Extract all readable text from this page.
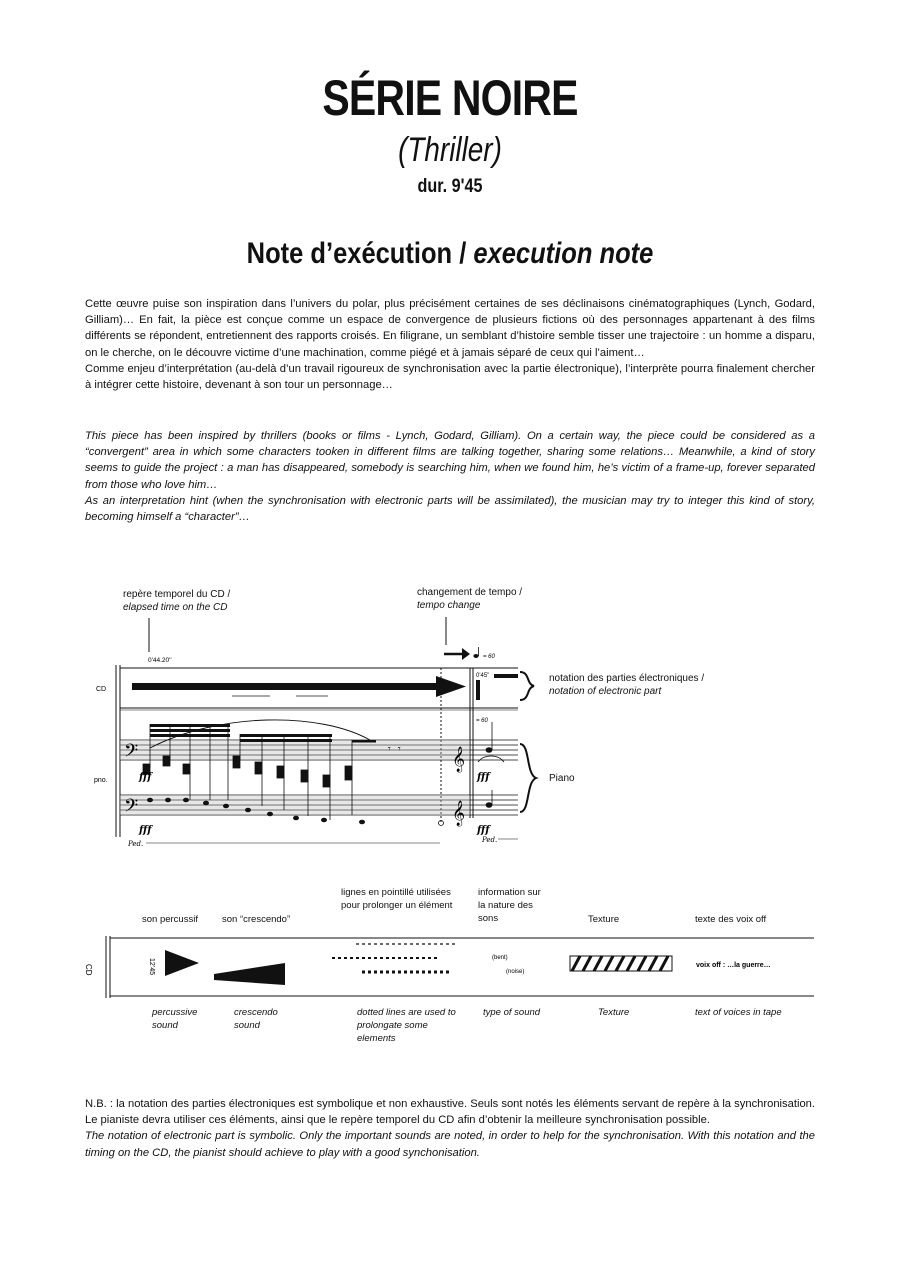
SÉRIE NOIRE
(Thriller)
dur. 9'45
Note d’exécution / execution note

Cette œuvre puise son inspiration dans l’univers du polar, plus précisément certaines de ses déclinaisons cinématographiques (Lynch, Godard, Gilliam)… En fait, la pièce est conçue comme un espace de convergence de plusieurs fictions où des personnages appartenant à des films différents se répondent, entretiennent des rapports croisés. En filigrane, un semblant d’histoire semble tisser une trajectoire : un homme a disparu, on le cherche, on le découvre victime d’une machination, comme piégé et à jamais séparé de ceux qui l’aiment…

Comme enjeu d’interprétation (au-delà d’un travail rigoureux de synchronisation avec la partie électronique), l’interprète pourra finalement chercher à intégrer cette histoire, devenant à son tour un personnage…

This piece has been inspired by thrillers (books or films - Lynch, Godard, Gilliam). On a certain way, the piece could be considered as a “convergent” area in which some characters tooken in different films are talking together, sharing some relations… Meanwhile, a kind of story seems to guide the project : a man has disappeared, somebody is searching him, when we found him, he’s victim of a frame-up, forever separated from those who love him…

As an interpretation hint (when the synchronisation with electronic parts will be assimilated), the musician may try to integer this kind of story, becoming himself a “character”…

repère temporel du CD /
elapsed time on the CD
changement de tempo /
tempo change
notation des parties électroniques /
notation of electronic part
Piano
son percussif	son “crescendo”
lignes en pointillé utilisées pour prolonger un élément
information sur la nature des sons	Texture	texte des voix off
percussive sound
crescendo sound
dotted lines are used to prolongate some elements
type of sound	Texture	text of voices in tape
0'44.20''	= 60
CD
0'45''
pno.
𝄢
𝄢
𝄞
𝄞
𝄾 𝄾
fff
fff
fff
fff
Ped.	Ped.
= 60
CD	12’45	(bent)
(noise)
voix off : …la guerre…

N.B. : la notation des parties électroniques est symbolique et non exhaustive. Seuls sont notés les éléments servant de repère à la synchronisation. Le pianiste devra utiliser ces éléments, ainsi que le repère temporel du CD afin d’obtenir la meilleure synchronisation possible.

The notation of electronic part is symbolic. Only the important sounds are noted, in order to help for the synchronisation. With this notation and the timing on the CD, the pianist should achieve to play with a good synchonisation.
